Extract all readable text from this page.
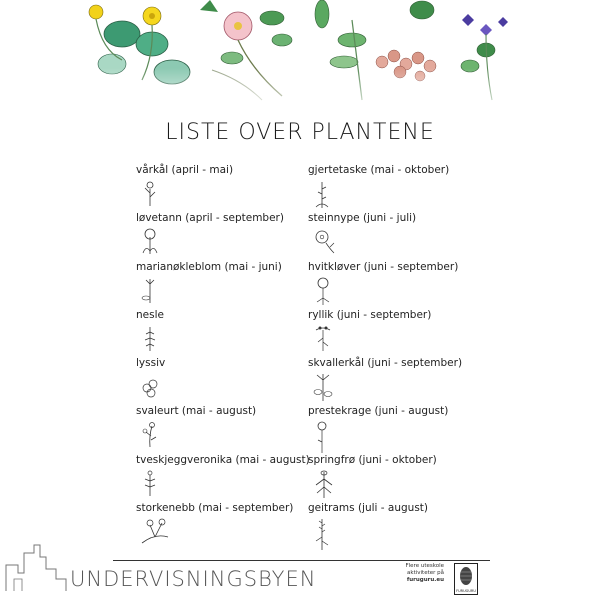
LISTE OVER PLANTENE
vårkål (april - mai)
løvetann (april - september)
marianøkleblom (mai - juni)
nesle
lyssiv
svaleurt (mai - august)
tveskjeggveronika (mai - august)
storkenebb (mai - september)
gjertetaske (mai - oktober)
steinnype (juni - juli)
hvitkløver (juni - september)
ryllik (juni - september)
skvallerkål (juni - september)
prestekrage (juni - august)
springfrø (juni - oktober)
geitrams (juli - august)
UNDERVISNINGSBYEN
Flere uteskole
aktiviteter på
furuguru.eu
FURUGURU
